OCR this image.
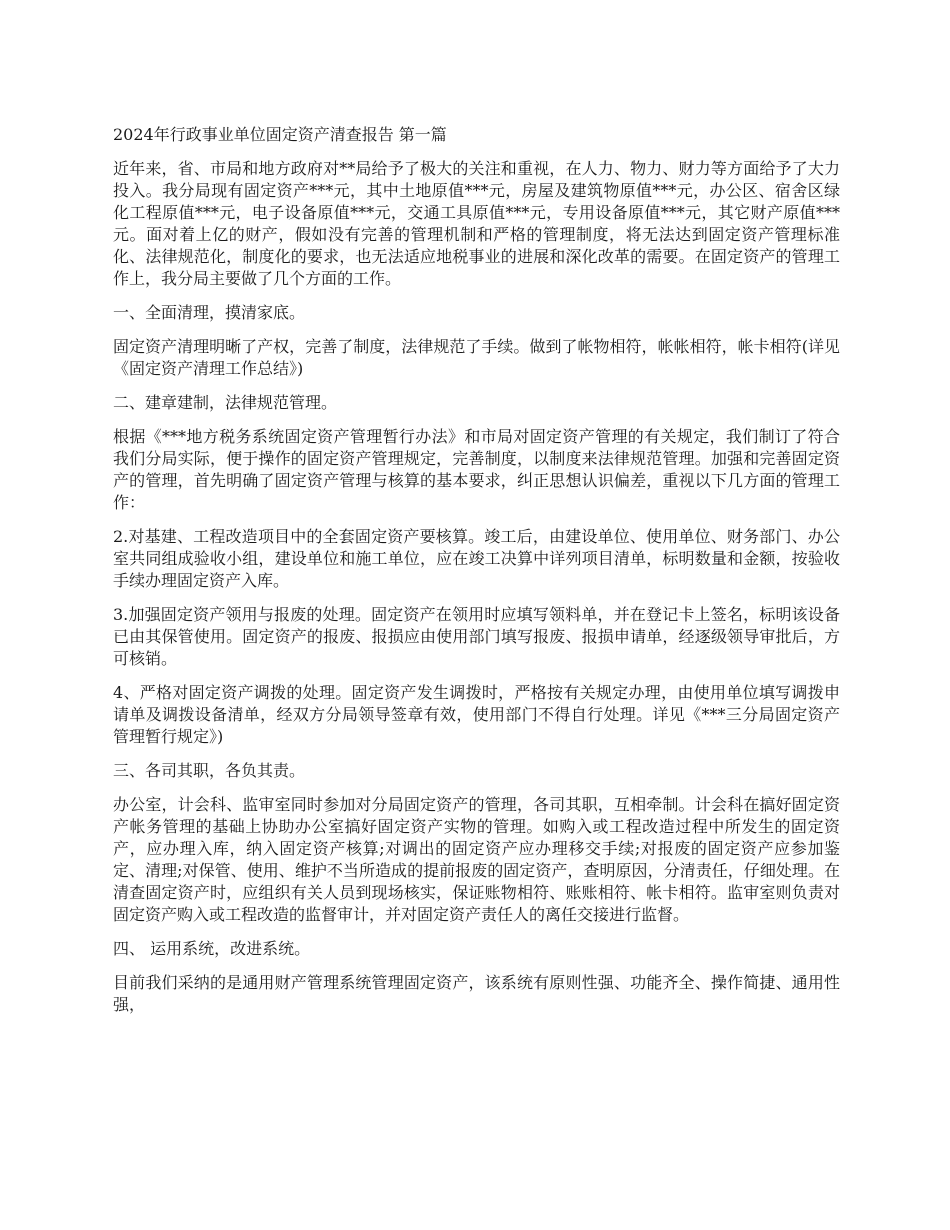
2024年行政事业单位固定资产清查报告 第一篇

近年来，省、市局和地方政府对**局给予了极大的关注和重视，在人力、物力、财力等方面给予了大力投入。我分局现有固定资产***元，其中土地原值***元，房屋及建筑物原值***元，办公区、宿舍区绿化工程原值***元，电子设备原值***元，交通工具原值***元，专用设备原值***元，其它财产原值***元。面对着上亿的财产，假如没有完善的管理机制和严格的管理制度，将无法达到固定资产管理标准化、法律规范化，制度化的要求，也无法适应地税事业的进展和深化改革的需要。在固定资产的管理工作上，我分局主要做了几个方面的工作。

一、全面清理，摸清家底。

固定资产清理明晰了产权，完善了制度，法律规范了手续。做到了帐物相符，帐帐相符，帐卡相符(详见《固定资产清理工作总结》)

二、建章建制，法律规范管理。

根据《***地方税务系统固定资产管理暂行办法》和市局对固定资产管理的有关规定，我们制订了符合我们分局实际，便于操作的固定资产管理规定，完善制度，以制度来法律规范管理。加强和完善固定资产的管理，首先明确了固定资产管理与核算的基本要求，纠正思想认识偏差，重视以下几方面的管理工作：

2.对基建、工程改造项目中的全套固定资产要核算。竣工后，由建设单位、使用单位、财务部门、办公室共同组成验收小组，建设单位和施工单位，应在竣工决算中详列项目清单，标明数量和金额，按验收手续办理固定资产入库。

3.加强固定资产领用与报废的处理。固定资产在领用时应填写领料单，并在登记卡上签名，标明该设备已由其保管使用。固定资产的报废、报损应由使用部门填写报废、报损申请单，经逐级领导审批后，方可核销。

4、严格对固定资产调拨的处理。固定资产发生调拨时，严格按有关规定办理，由使用单位填写调拨申请单及调拨设备清单，经双方分局领导签章有效，使用部门不得自行处理。详见《***三分局固定资产管理暂行规定》)

三、各司其职，各负其责。

办公室，计会科、监审室同时参加对分局固定资产的管理，各司其职，互相牵制。计会科在搞好固定资产帐务管理的基础上协助办公室搞好固定资产实物的管理。如购入或工程改造过程中所发生的固定资产，应办理入库，纳入固定资产核算;对调出的固定资产应办理移交手续;对报废的固定资产应参加鉴定、清理;对保管、使用、维护不当所造成的提前报废的固定资产，查明原因，分清责任，仔细处理。在清查固定资产时，应组织有关人员到现场核实，保证账物相符、账账相符、帐卡相符。监审室则负责对固定资产购入或工程改造的监督审计，并对固定资产责任人的离任交接进行监督。

四、 运用系统，改进系统。

目前我们采纳的是通用财产管理系统管理固定资产，该系统有原则性强、功能齐全、操作简捷、通用性强，
